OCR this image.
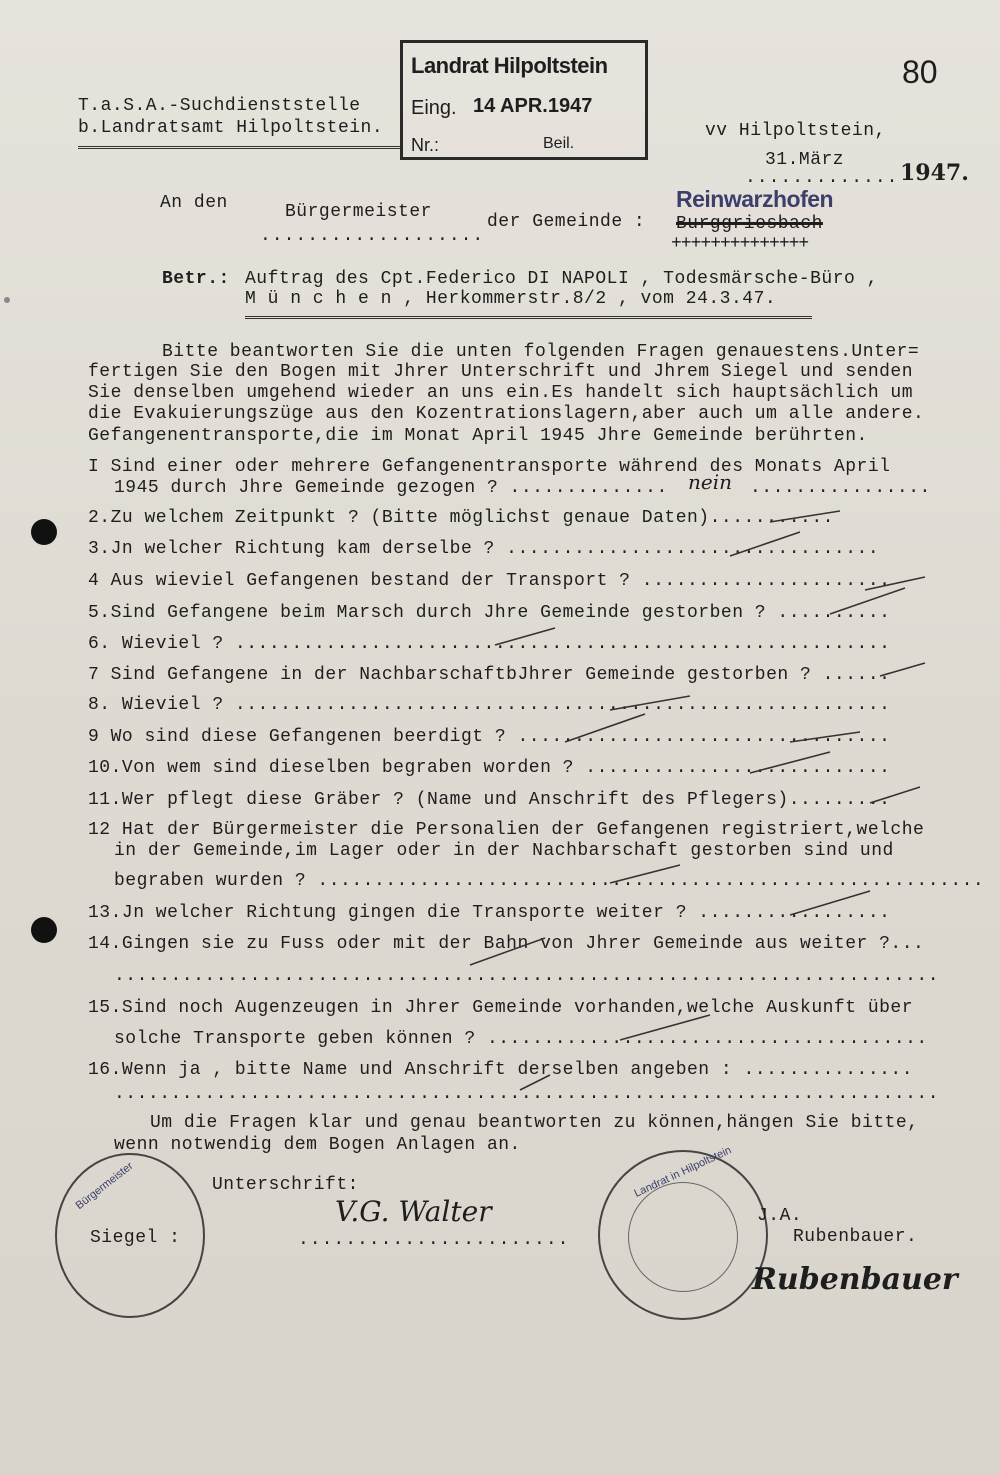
T.a.S.A.-Suchdienststelle
b.Landratsamt Hilpoltstein.
Landrat Hilpoltstein
Eing. 14 APR.1947
Nr.:	Beil.
80
vv Hilpoltstein,
31.März
............. 1947.
An den	Bürgermeister
...................
der Gemeinde :
Reinwarzhofen
Burggriesbach
++++++++++++++
Betr.: Auftrag des Cpt.Federico DI NAPOLI , Todesmärsche-Büro ,
M ü n c h e n , Herkommerstr.8/2 , vom 24.3.47.
Bitte beantworten Sie die unten folgenden Fragen genauestens.Unter=
fertigen Sie den Bogen mit Jhrer Unterschrift und Jhrem Siegel und senden
Sie denselben umgehend wieder an uns ein.Es handelt sich hauptsächlich um
die Evakuierungszüge aus den Kozentrationslagern,aber auch um alle andere.
Gefangenentransporte,die im Monat April 1945 Jhre Gemeinde berührten.
I Sind einer oder mehrere Gefangenentransporte während des Monats April
1945 durch Jhre Gemeinde gezogen ? .............. nein ................
2.Zu welchem Zeitpunkt ? (Bitte möglichst genaue Daten)...........
3.Jn welcher Richtung kam derselbe ? .................................
4 Aus wieviel Gefangenen bestand der Transport ? ......................
5.Sind Gefangene beim Marsch durch Jhre Gemeinde gestorben ? ..........
6. Wieviel ? ..........................................................
7 Sind Gefangene in der NachbarschaftbJhrer Gemeinde gestorben ? ......
8. Wieviel ? ..........................................................
9 Wo sind diese Gefangenen beerdigt ? .................................
10.Von wem sind dieselben begraben worden ? ...........................
11.Wer pflegt diese Gräber ? (Name und Anschrift des Pflegers).........
12 Hat der Bürgermeister die Personalien der Gefangenen registriert,welche
in der Gemeinde,im Lager oder in der Nachbarschaft gestorben sind und
begraben wurden ? ...........................................................
13.Jn welcher Richtung gingen die Transporte weiter ? .................
14.Gingen sie zu Fuss oder mit der Bahn von Jhrer Gemeinde aus weiter ?...
.........................................................................
15.Sind noch Augenzeugen in Jhrer Gemeinde vorhanden,welche Auskunft über
solche Transporte geben können ? .......................................
16.Wenn ja , bitte Name und Anschrift derselben angeben : ...............
.........................................................................
Um die Fragen klar und genau beantworten zu können,hängen Sie bitte,
wenn notwendig dem Bogen Anlagen an.
Bürgermeister
Siegel :
Unterschrift:
V.G. Walter
.......................
Landrat in Hilpoltstein
J.A.
Rubenbauer.
Rubenbauer
